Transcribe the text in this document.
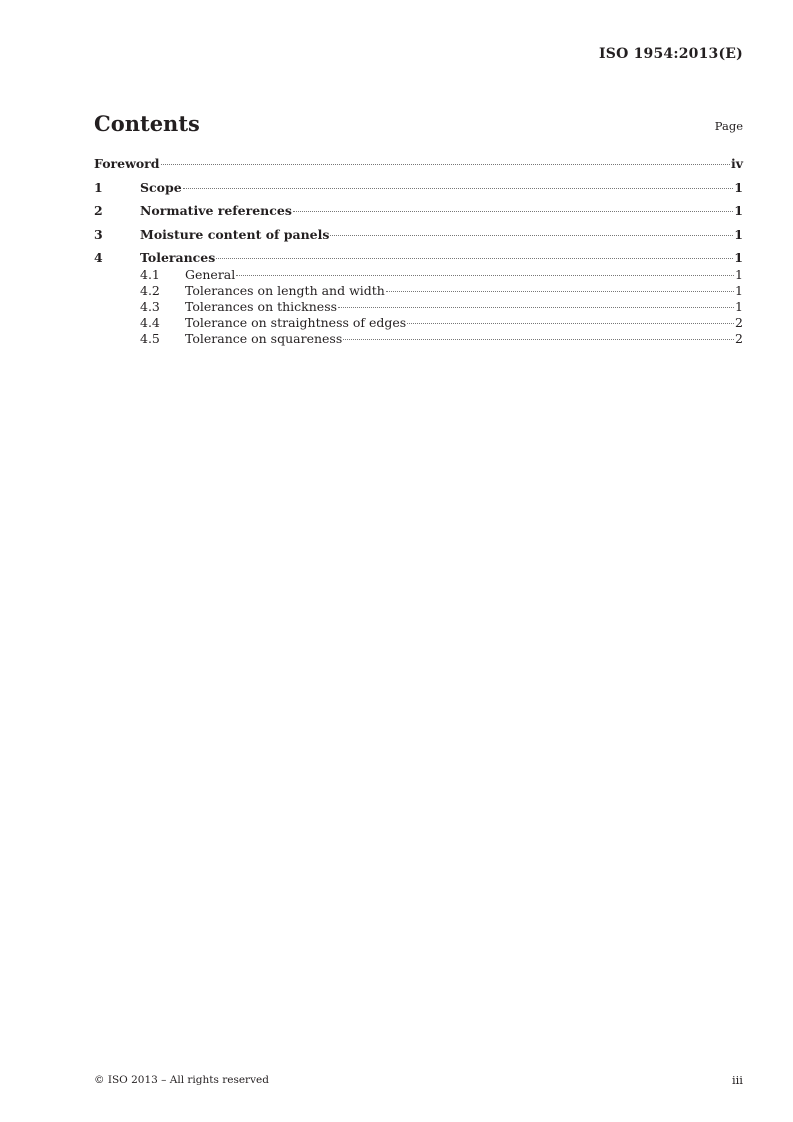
ISO 1954:2013(E)
Contents	Page
Foreword	iv
1	Scope	1
2	Normative references	1
3	Moisture content of panels	1
4	Tolerances	1
4.1	General	1
4.2	Tolerances on length and width	1
4.3	Tolerances on thickness	1
4.4	Tolerance on straightness of edges	2
4.5	Tolerance on squareness	2
© ISO 2013 – All rights reserved	iii
